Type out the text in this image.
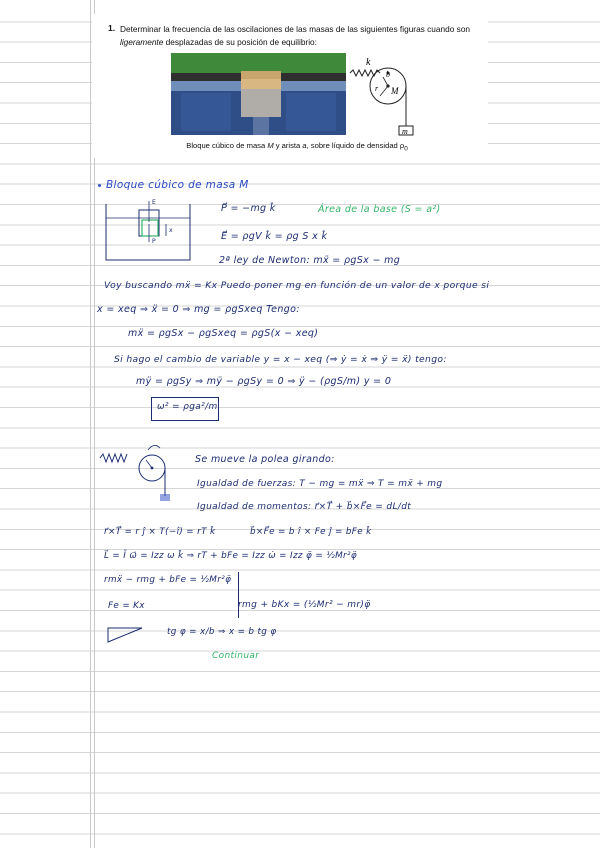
1. Determinar la frecuencia de las oscilaciones de las masas de las siguientes figuras cuando son ligeramente desplazadas de su posición de equilibrio:
k
b
r M
m
Bloque cúbico de masa M y arista a, sobre líquido de densidad $\rho_0$
Bloque cúbico de masa M
E
P
x
P⃗ = −mg k̂	Área de la base (S = a²)
E⃗ = ρgV k̂ = ρg S x k̂
2ª ley de Newton: mẍ = ρgSx − mg
Voy buscando mẍ = Kx Puedo poner mg en función de un valor de x porque si
x = xeq ⇒ ẍ = 0 ⇒ mg = ρgSxeq Tengo:
mẍ = ρgSx − ρgSxeq = ρgS(x − xeq)
Si hago el cambio de variable y = x − xeq (⇒ ẏ = ẋ ⇒ ÿ = ẍ) tengo:
mÿ = ρgSy ⇒ mÿ − ρgSy = 0 ⇒ ÿ − (ρgS/m) y = 0
ω² = ρga²/m
Se mueve la polea girando:
Igualdad de fuerzas: T − mg = mẍ ⇒ T = mẍ + mg
Igualdad de momentos: r⃗×T⃗ + b⃗×F⃗e = dL/dt
r⃗×T⃗ = r ĵ × T(−î) = rT k̂	b⃗×F⃗e = b î × Fe ĵ = bFe k̂
L⃗ = Ĩ ω⃗ = Izz ω k̂ ⇒ rT + bFe = Izz ω̇ = Izz φ̈ = ½Mr²φ̈
rmẍ − rmg + bFe = ½Mr²φ̈
Fe = Kx	rmg + bKx = (½Mr² − mr)φ̈
tg φ = x/b ⇒ x = b tg φ
Continuar
